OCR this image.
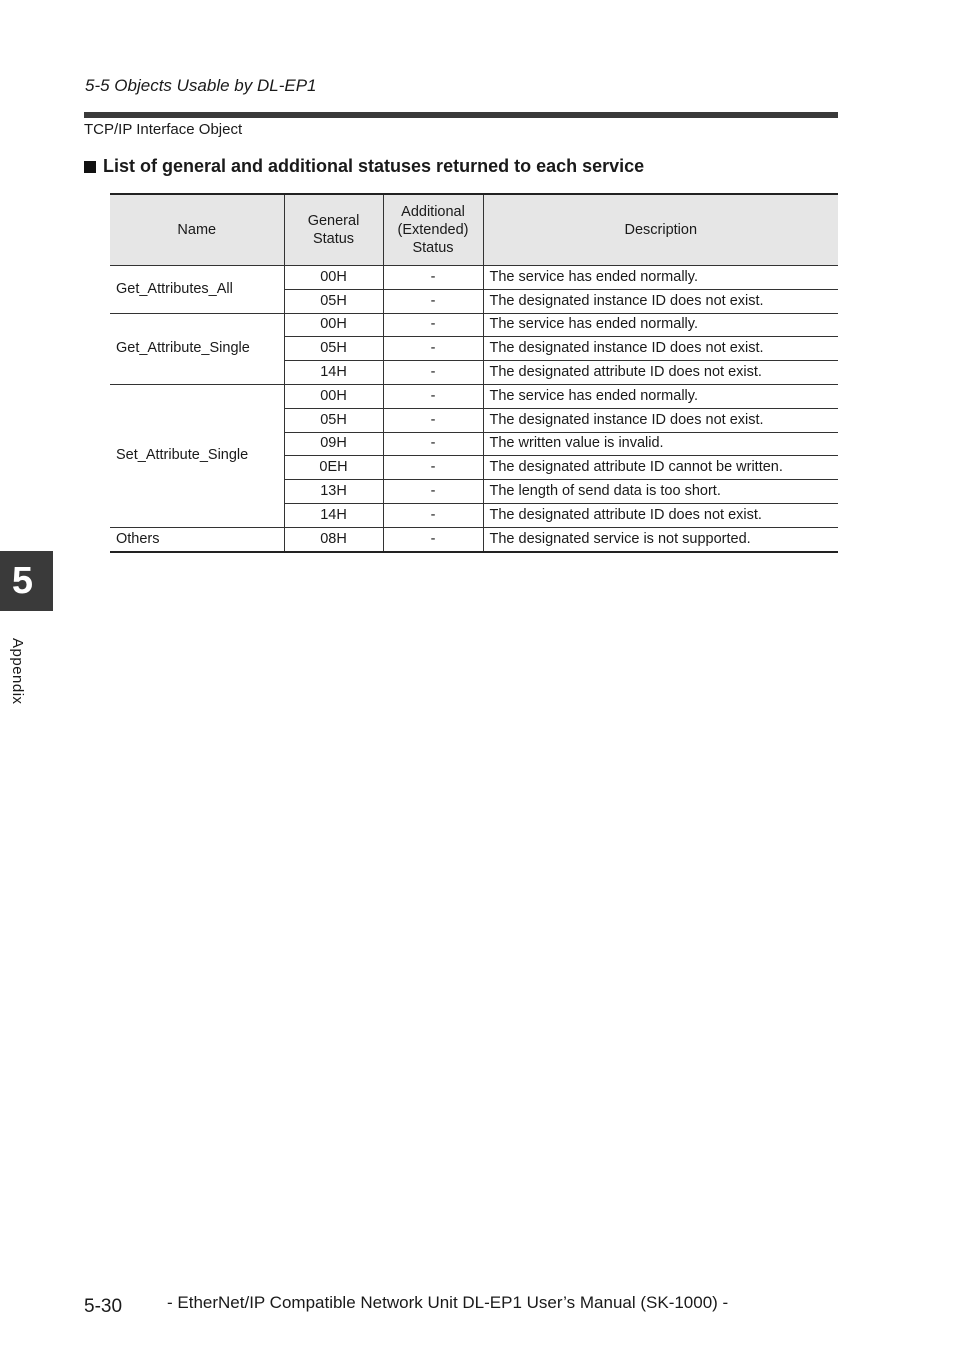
5-5 Objects Usable by DL-EP1
TCP/IP Interface Object
List of general and additional statuses returned to each service
Name	General Status	Additional (Extended) Status	Description
Get_Attributes_All	00H	-	The service has ended normally.
	05H	-	The designated instance ID does not exist.
Get_Attribute_Single	00H	-	The service has ended normally.
	05H	-	The designated instance ID does not exist.
	14H	-	The designated attribute ID does not exist.
Set_Attribute_Single	00H	-	The service has ended normally.
	05H	-	The designated instance ID does not exist.
	09H	-	The written value is invalid.
	0EH	-	The designated attribute ID cannot be written.
	13H	-	The length of send data is too short.
	14H	-	The designated attribute ID does not exist.
Others	08H	-	The designated service is not supported.
5
Appendix
5-30	- EtherNet/IP Compatible Network Unit DL-EP1 User’s Manual (SK-1000) -
